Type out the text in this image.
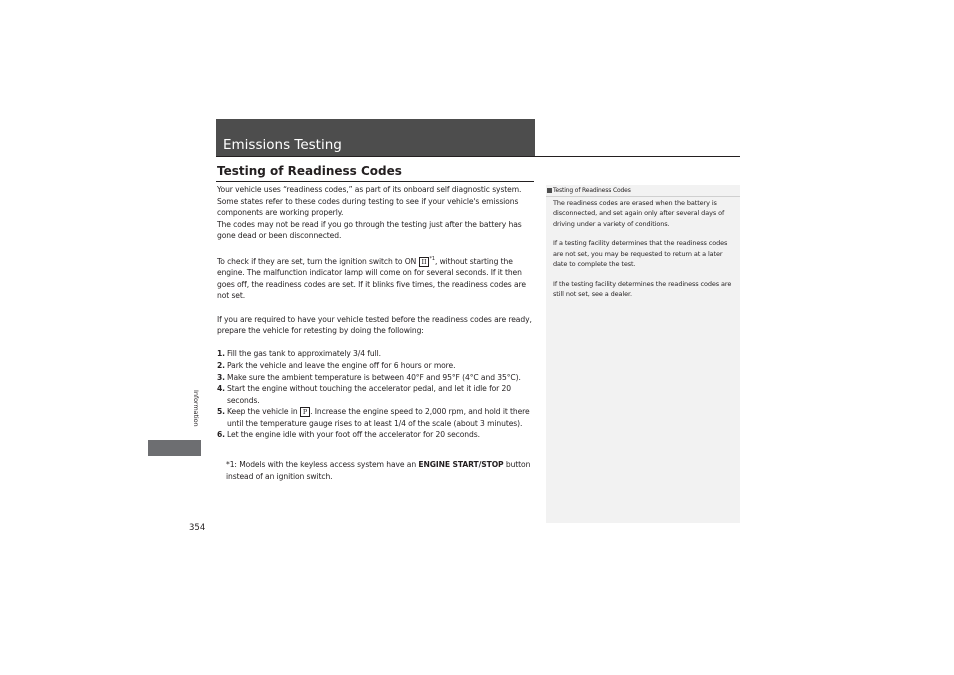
Emissions Testing
Testing of Readiness Codes

Your vehicle uses “readiness codes,” as part of its onboard self diagnostic system. Some states refer to these codes during testing to see if your vehicle's emissions components are working properly.

The codes may not be read if you go through the testing just after the battery has gone dead or been disconnected.

To check if they are set, turn the ignition switch to ON II $^{*1}$, without starting the engine. The malfunction indicator lamp will come on for several seconds. If it then goes off, the readiness codes are set. If it blinks five times, the readiness codes are not set.

If you are required to have your vehicle tested before the readiness codes are ready, prepare the vehicle for retesting by doing the following:

1. Fill the gas tank to approximately 3/4 full.
2. Park the vehicle and leave the engine off for 6 hours or more.
3. Make sure the ambient temperature is between 40°F and 95°F (4°C and 35°C).
4. Start the engine without touching the accelerator pedal, and let it idle for 20 seconds.
5. Keep the vehicle in P . Increase the engine speed to 2,000 rpm, and hold it there until the temperature gauge rises to at least 1/4 of the scale (about 3 minutes).
6. Let the engine idle with your foot off the accelerator for 20 seconds.
*1: Models with the keyless access system have an ENGINE START/STOP button instead of an ignition switch.
Testing of Readiness Codes

The readiness codes are erased when the battery is disconnected, and set again only after several days of driving under a variety of conditions.

If a testing facility determines that the readiness codes are not set, you may be requested to return at a later date to complete the test.

If the testing facility determines the readiness codes are still not set, see a dealer.

Information
354
